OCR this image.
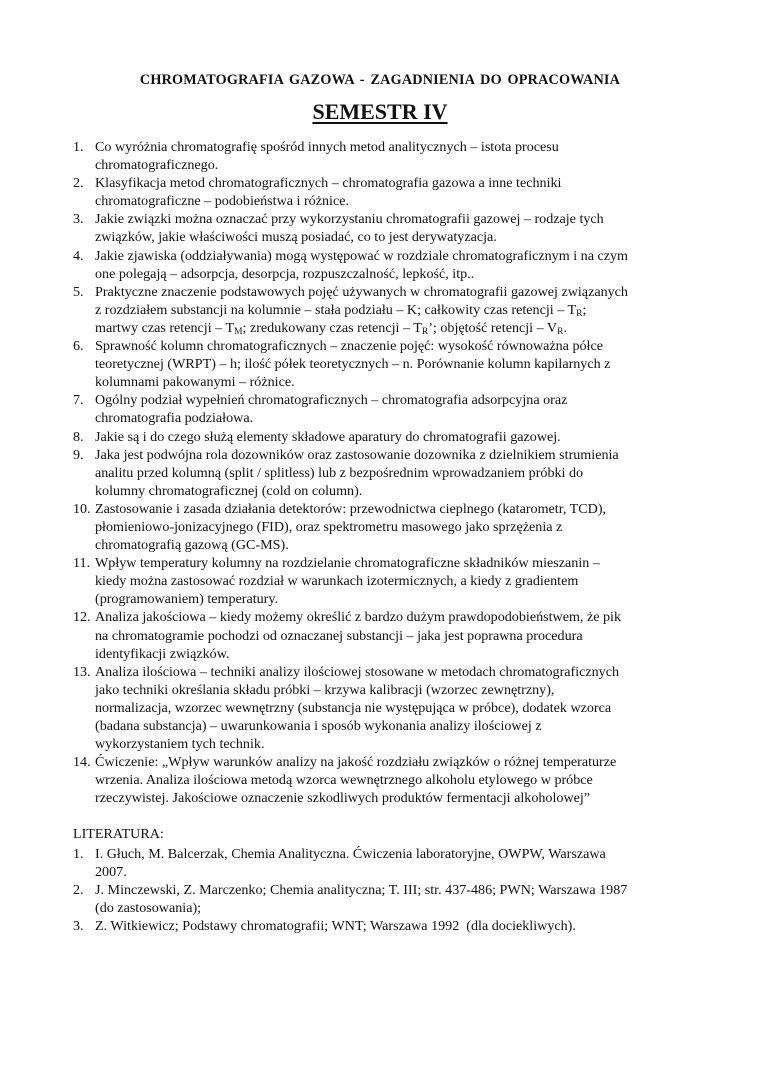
CHROMATOGRAFIA GAZOWA - ZAGADNIENIA DO OPRACOWANIA
SEMESTR IV
1. Co wyróżnia chromatografię spośród innych metod analitycznych – istota procesu
chromatograficznego.
2. Klasyfikacja metod chromatograficznych – chromatografia gazowa a inne techniki
chromatograficzne – podobieństwa i różnice.
3. Jakie związki można oznaczać przy wykorzystaniu chromatografii gazowej – rodzaje tych
związków, jakie właściwości muszą posiadać, co to jest derywatyzacja.
4. Jakie zjawiska (oddziaływania) mogą występować w rozdziale chromatograficznym i na czym
one polegają – adsorpcja, desorpcja, rozpuszczalność, lepkość, itp..
5. Praktyczne znaczenie podstawowych pojęć używanych w chromatografii gazowej związanych
z rozdziałem substancji na kolumnie – stała podziału – K; całkowity czas retencji – $T_R$;
martwy czas retencji – $T_M$; zredukowany czas retencji – $T_R$’; objętość retencji – $V_R$.
6. Sprawność kolumn chromatograficznych – znaczenie pojęć: wysokość równoważna półce
teoretycznej (WRPT) – h; ilość półek teoretycznych – n. Porównanie kolumn kapilarnych z
kolumnami pakowanymi – różnice.
7. Ogólny podział wypełnień chromatograficznych – chromatografia adsorpcyjna oraz
chromatografia podziałowa.
8. Jakie są i do czego służą elementy składowe aparatury do chromatografii gazowej.
9. Jaka jest podwójna rola dozowników oraz zastosowanie dozownika z dzielnikiem strumienia
analitu przed kolumną (split / splitless) lub z bezpośrednim wprowadzaniem próbki do
kolumny chromatograficznej (cold on column).
10. Zastosowanie i zasada działania detektorów: przewodnictwa cieplnego (katarometr, TCD),
płomieniowo-jonizacyjnego (FID), oraz spektrometru masowego jako sprzężenia z
chromatografią gazową (GC-MS).
11. Wpływ temperatury kolumny na rozdzielanie chromatograficzne składników mieszanin –
kiedy można zastosować rozdział w warunkach izotermicznych, a kiedy z gradientem
(programowaniem) temperatury.
12. Analiza jakościowa – kiedy możemy określić z bardzo dużym prawdopodobieństwem, że pik
na chromatogramie pochodzi od oznaczanej substancji – jaka jest poprawna procedura
identyfikacji związków.
13. Analiza ilościowa – techniki analizy ilościowej stosowane w metodach chromatograficznych
jako techniki określania składu próbki – krzywa kalibracji (wzorzec zewnętrzny),
normalizacja, wzorzec wewnętrzny (substancja nie występująca w próbce), dodatek wzorca
(badana substancja) – uwarunkowania i sposób wykonania analizy ilościowej z
wykorzystaniem tych technik.
14. Ćwiczenie: „Wpływ warunków analizy na jakość rozdziału związków o różnej temperaturze
wrzenia. Analiza ilościowa metodą wzorca wewnętrznego alkoholu etylowego w próbce
rzeczywistej. Jakościowe oznaczenie szkodliwych produktów fermentacji alkoholowej”
LITERATURA:
1. I. Głuch, M. Balcerzak, Chemia Analityczna. Ćwiczenia laboratoryjne, OWPW, Warszawa
2007.
2. J. Minczewski, Z. Marczenko; Chemia analityczna; T. III; str. 437-486; PWN; Warszawa 1987
(do zastosowania);
3. Z. Witkiewicz; Podstawy chromatografii; WNT; Warszawa 1992  (dla dociekliwych).
